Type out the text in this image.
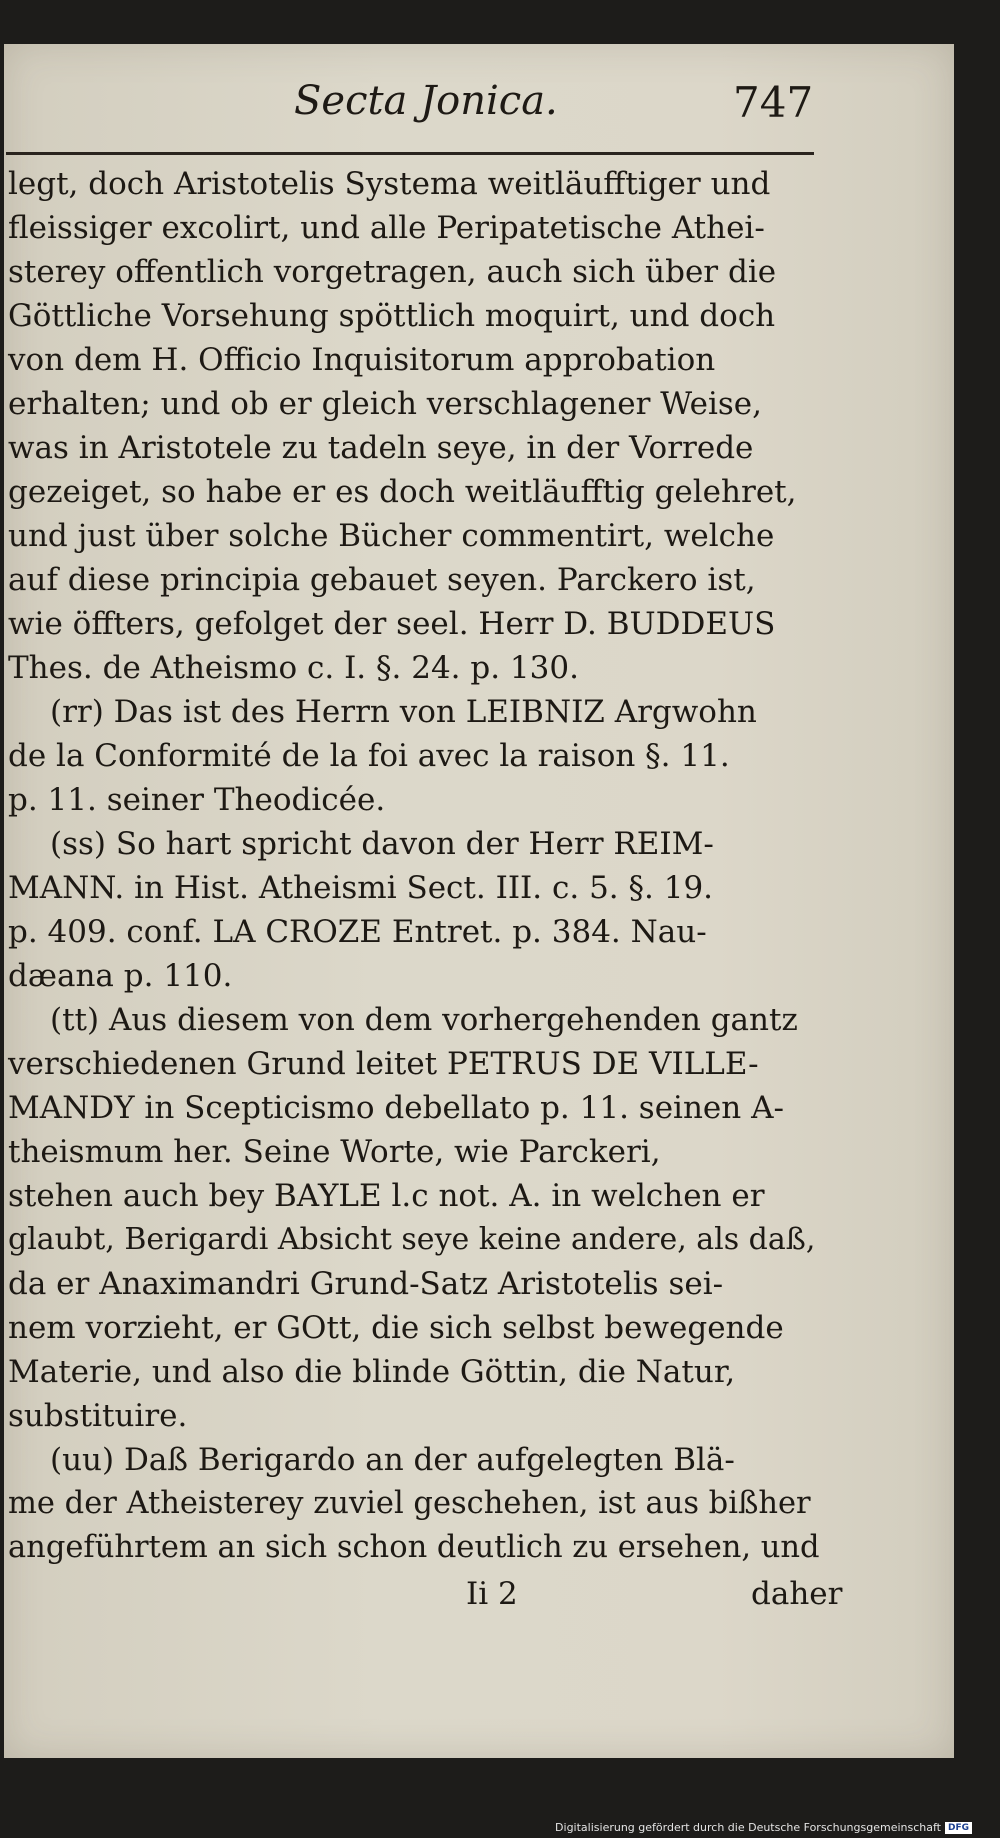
Secta Jonica.	747
legt, doch Aristotelis Systema weitläufftiger und
fleissiger excolirt, und alle Peripatetische Athei-
sterey offentlich vorgetragen, auch sich über die
Göttliche Vorsehung spöttlich moquirt, und doch
von dem H. Officio Inquisitorum approbation
erhalten; und ob er gleich verschlagener Weise,
was in Aristotele zu tadeln seye, in der Vorrede
gezeiget, so habe er es doch weitläufftig gelehret,
und just über solche Bücher commentirt, welche
auf diese principia gebauet seyen. Parckero ist,
wie öffters, gefolget der seel. Herr D. BUDDEUS
Thes. de Atheismo c. I. §. 24. p. 130.
(rr) Das ist des Herrn von LEIBNIZ Argwohn
de la Conformité de la foi avec la raison §. 11.
p. 11. seiner Theodicée.
(ss) So hart spricht davon der Herr REIM-
MANN. in Hist. Atheismi Sect. III. c. 5. §. 19.
p. 409. conf. LA CROZE Entret. p. 384. Nau-
dæana p. 110.
(tt) Aus diesem von dem vorhergehenden gantz
verschiedenen Grund leitet PETRUS DE VILLE-
MANDY in Scepticismo debellato p. 11. seinen A-
theismum her. Seine Worte, wie Parckeri,
stehen auch bey BAYLE l.c not. A. in welchen er
glaubt, Berigardi Absicht seye keine andere, als daß,
da er Anaximandri Grund-Satz Aristotelis sei-
nem vorzieht, er GOtt, die sich selbst bewegende
Materie, und also die blinde Göttin, die Natur,
substituire.
(uu) Daß Berigardo an der aufgelegten Blä-
me der Atheisterey zuviel geschehen, ist aus bißher
angeführtem an sich schon deutlich zu ersehen, und
Ii 2	daher
Digitalisierung gefördert durch die Deutsche Forschungsgemeinschaft DFG
